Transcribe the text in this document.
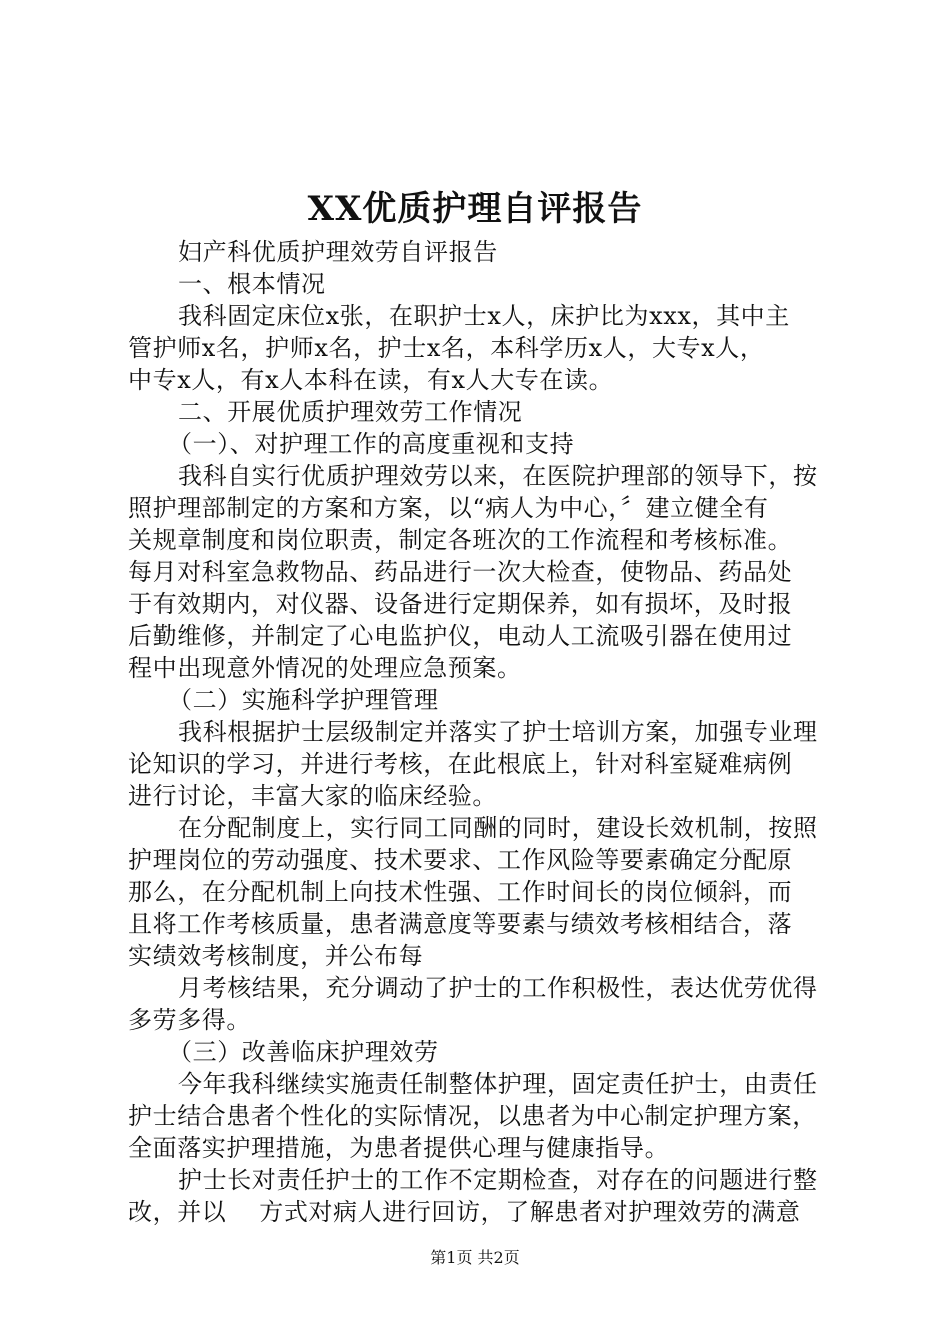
XX优质护理自评报告
妇产科优质护理效劳自评报告
一、根本情况
我科固定床位x张，在职护士x人，床护比为xxx，其中主
管护师x名，护师x名，护士x名，本科学历x人，大专x人，
中专x人，有x人本科在读，有x人大专在读。
二、开展优质护理效劳工作情况
（一）、对护理工作的高度重视和支持
我科自实行优质护理效劳以来，在医院护理部的领导下，按
照护理部制定的方案和方案，以“病人为中心，〞建立健全有
关规章制度和岗位职责，制定各班次的工作流程和考核标准。
每月对科室急救物品、药品进行一次大检查，使物品、药品处
于有效期内，对仪器、设备进行定期保养，如有损坏，及时报
后勤维修，并制定了心电监护仪，电动人工流吸引器在使用过
程中出现意外情况的处理应急预案。
（二）实施科学护理管理
我科根据护士层级制定并落实了护士培训方案，加强专业理
论知识的学习，并进行考核，在此根底上，针对科室疑难病例
进行讨论，丰富大家的临床经验。
在分配制度上，实行同工同酬的同时，建设长效机制，按照
护理岗位的劳动强度、技术要求、工作风险等要素确定分配原
那么，在分配机制上向技术性强、工作时间长的岗位倾斜，而
且将工作考核质量，患者满意度等要素与绩效考核相结合，落
实绩效考核制度，并公布每
月考核结果，充分调动了护士的工作积极性，表达优劳优得
多劳多得。
（三）改善临床护理效劳
今年我科继续实施责任制整体护理，固定责任护士，由责任
护士结合患者个性化的实际情况，以患者为中心制定护理方案，
全面落实护理措施，为患者提供心理与健康指导。
护士长对责任护士的工作不定期检查，对存在的问题进行整
改，并以　 方式对病人进行回访，了解患者对护理效劳的满意
第1页 共2页
